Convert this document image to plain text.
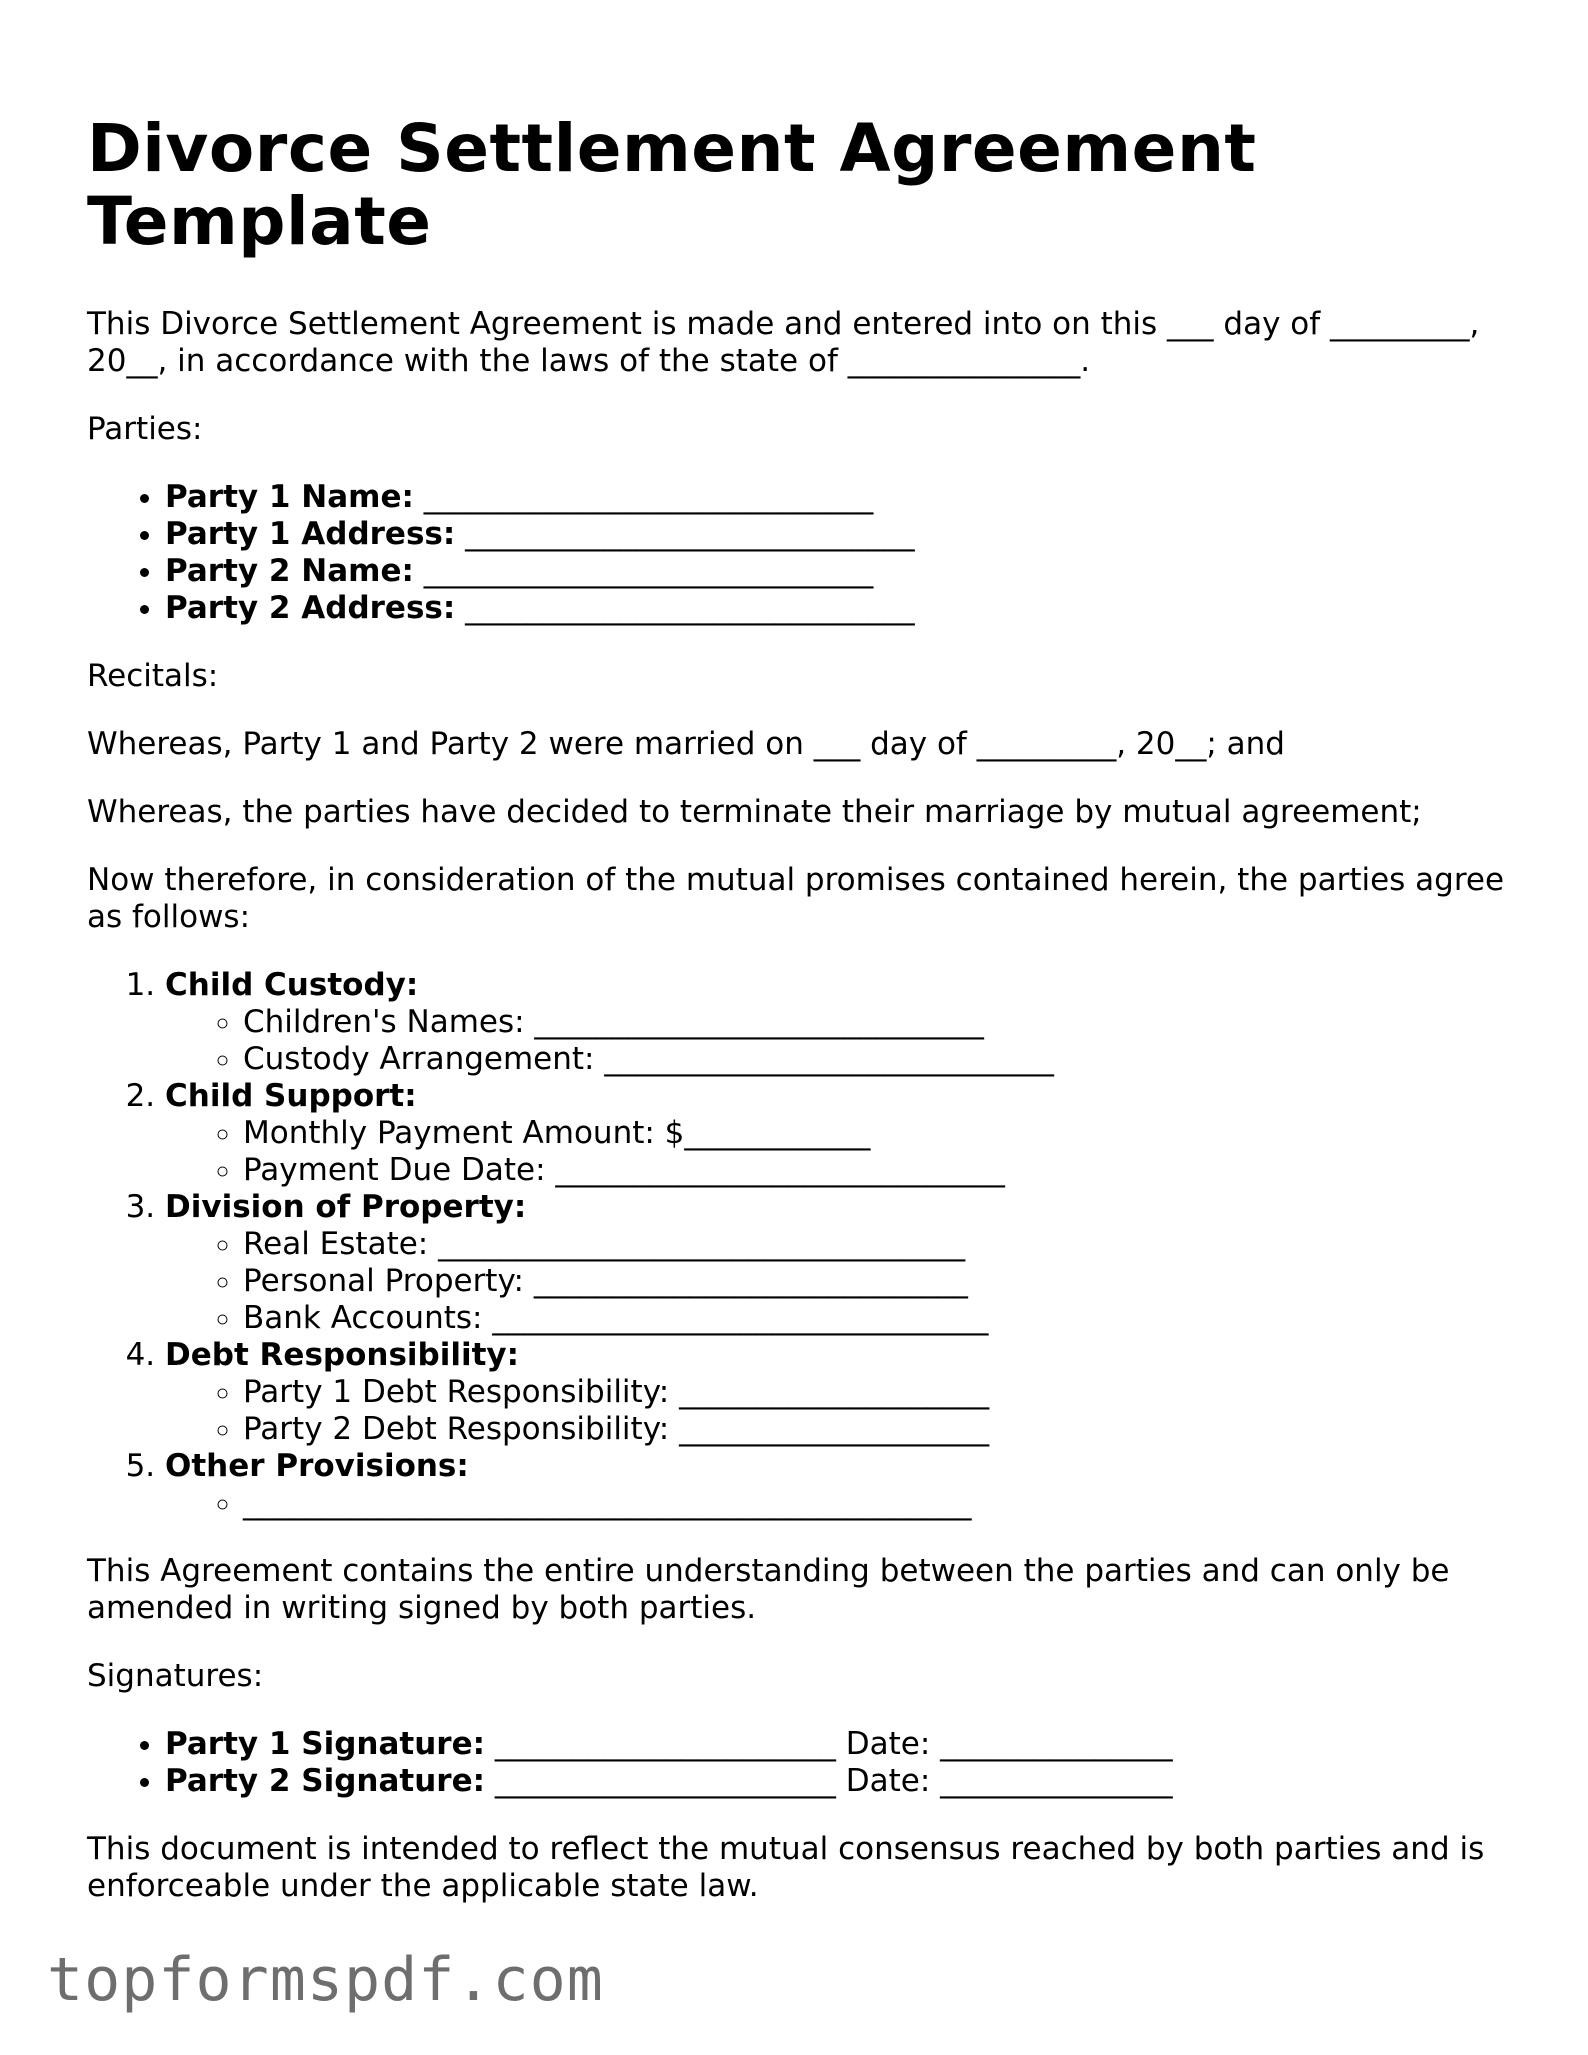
Divorce Settlement Agreement Template

This Divorce Settlement Agreement is made and entered into on this ___ day of _________, 20__, in accordance with the laws of the state of _______________.

Parties:

• Party 1 Name: _____________________________
• Party 1 Address: _____________________________
• Party 2 Name: _____________________________
• Party 2 Address: _____________________________

Recitals:

Whereas, Party 1 and Party 2 were married on ___ day of _________, 20__; and

Whereas, the parties have decided to terminate their marriage by mutual agreement;

Now therefore, in consideration of the mutual promises contained herein, the parties agree as follows:

1. Child Custody:
◦ Children's Names: _____________________________
◦ Custody Arrangement: _____________________________
2. Child Support:
◦ Monthly Payment Amount: $____________
◦ Payment Due Date: _____________________________
3. Division of Property:
◦ Real Estate: __________________________________
◦ Personal Property: ____________________________
◦ Bank Accounts: ________________________________
4. Debt Responsibility:
◦ Party 1 Debt Responsibility: ____________________
◦ Party 2 Debt Responsibility: ____________________
5. Other Provisions:
◦ _______________________________________________

This Agreement contains the entire understanding between the parties and can only be amended in writing signed by both parties.

Signatures:

• Party 1 Signature: ______________________ Date: _______________
• Party 2 Signature: ______________________ Date: _______________

This document is intended to reflect the mutual consensus reached by both parties and is enforceable under the applicable state law.

topformspdf.com
